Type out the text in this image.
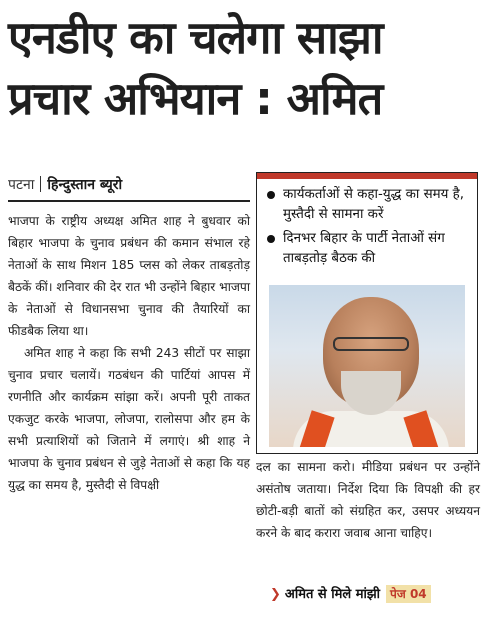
एनडीए का चलेगा साझा
प्रचार अभियान : अमित
पटना हिन्दुस्तान ब्यूरो

भाजपा के राष्ट्रीय अध्यक्ष अमित शाह ने बुधवार को बिहार भाजपा के चुनाव प्रबंधन की कमान संभाल रहे नेताओं के साथ मिशन 185 प्लस को लेकर ताबड़तोड़ बैठकें कीं। शनिवार की देर रात भी उन्होंने बिहार भाजपा के नेताओं से विधानसभा चुनाव की तैयारियों का फीडबैक लिया था।

अमित शाह ने कहा कि सभी 243 सीटों पर साझा चुनाव प्रचार चलायें। गठबंधन की पार्टियां आपस में रणनीति और कार्यक्रम सांझा करें। अपनी पूरी ताकत एकजुट करके भाजपा, लोजपा, रालोसपा और हम के सभी प्रत्याशियों को जिताने में लगाएं। श्री शाह ने भाजपा के चुनाव प्रबंधन से जुड़े नेताओं से कहा कि यह युद्ध का समय है, मुस्तैदी से विपक्षी

कार्यकर्ताओं से कहा-युद्ध का समय है, मुस्तैदी से सामना करें
दिनभर बिहार के पार्टी नेताओं संग ताबड़तोड़ बैठक की

दल का सामना करो। मीडिया प्रबंधन पर उन्होंने असंतोष जताया। निर्देश दिया कि विपक्षी की हर छोटी-बड़ी बातों को संग्रहित कर, उसपर अध्ययन करने के बाद करारा जवाब आना चाहिए।

❯ अमित से मिले मांझी पेज 04
